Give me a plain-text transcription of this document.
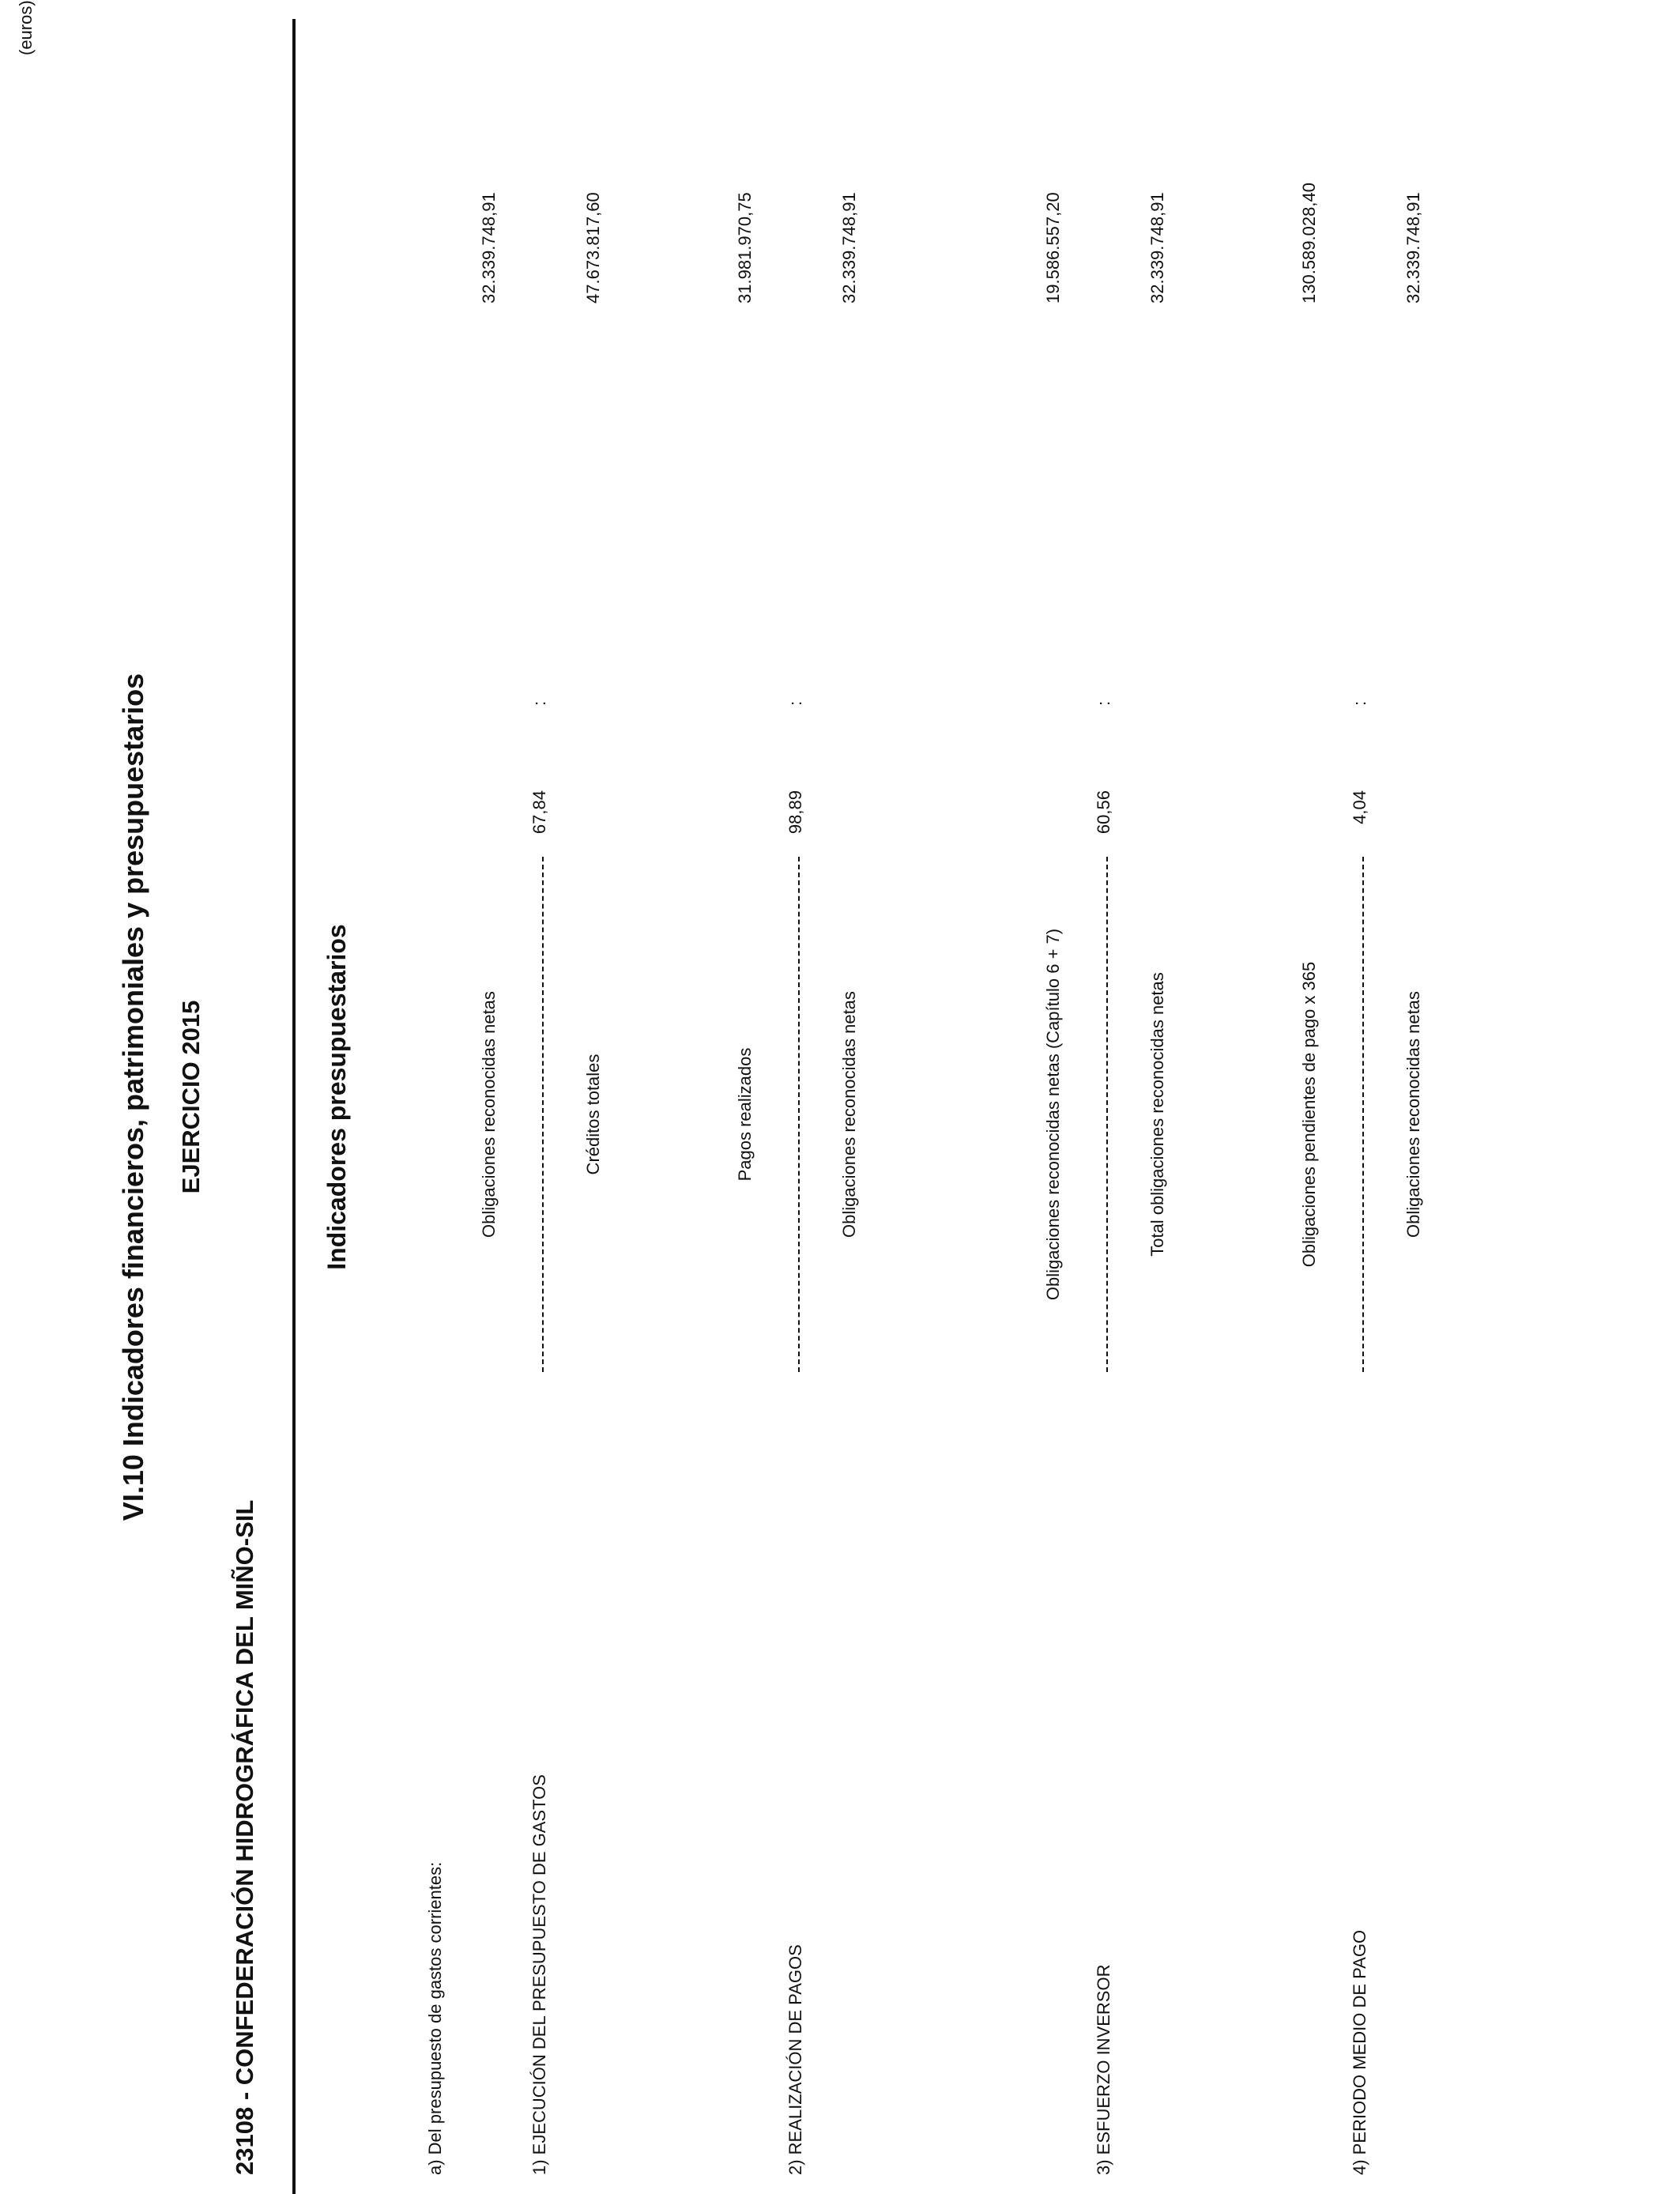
VI.10 Indicadores financieros, patrimoniales y presupuestarios EJERCICIO 2015
23108 - CONFEDERACIÓN HIDROGRÁFICA DEL MIÑO-SIL
(euros)
Indicadores presupuestarios
a) Del presupuesto de gastos corrientes:
Obligaciones reconocidas netas
32.339.748,91
1) EJECUCIÓN DEL PRESUPUESTO DE GASTOS
67,84
:
Créditos totales
47.673.817,60
Pagos realizados
31.981.970,75
2) REALIZACIÓN DE PAGOS
98,89
:
Obligaciones reconocidas netas
32.339.748,91
Obligaciones reconocidas netas (Capítulo 6 + 7)
19.586.557,20
3) ESFUERZO INVERSOR
60,56
:
Total obligaciones reconocidas netas
32.339.748,91
Obligaciones pendientes de pago x 365
130.589.028,40
4) PERIODO MEDIO DE PAGO
4,04
:
Obligaciones reconocidas netas
32.339.748,91
